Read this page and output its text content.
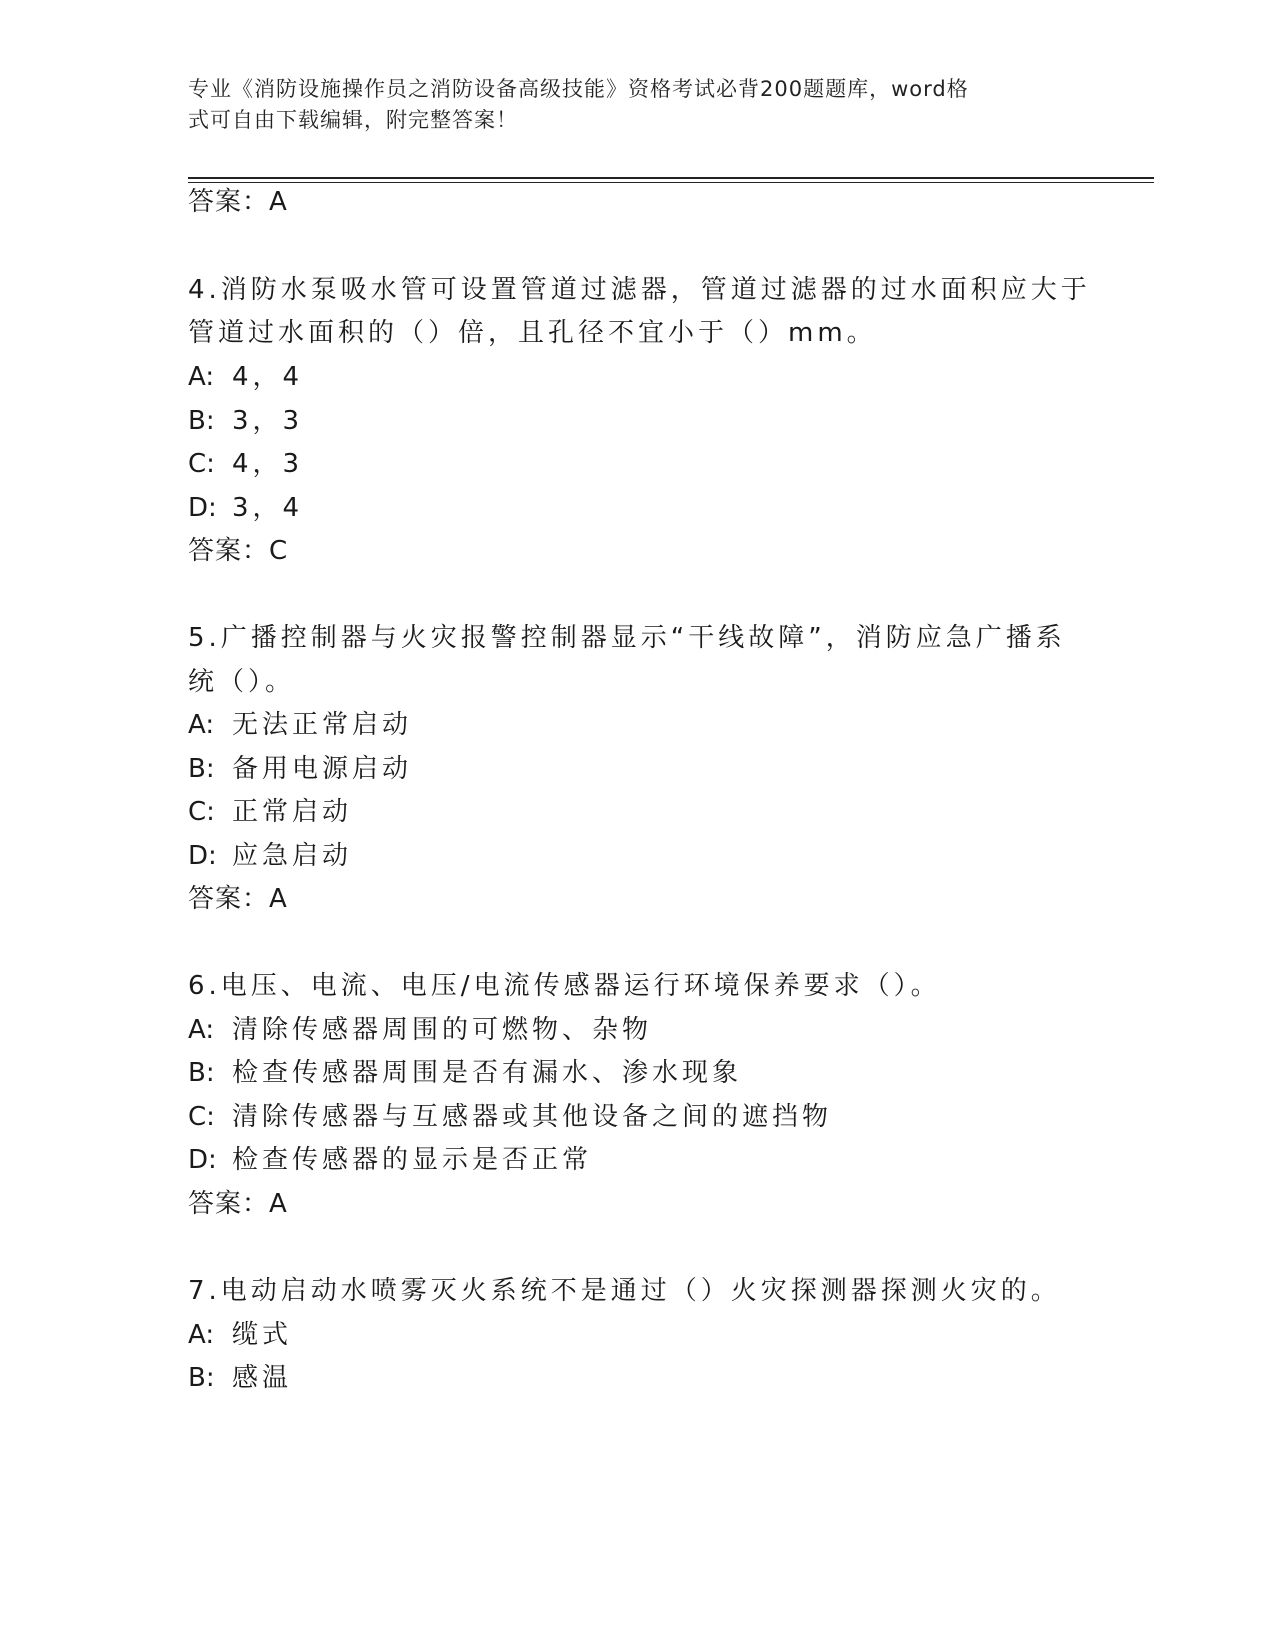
专业《消防设施操作员之消防设备高级技能》资格考试必背200题题库，word格
式可自由下载编辑，附完整答案！
答案：A
4.消防水泵吸水管可设置管道过滤器，管道过滤器的过水面积应大于
管道过水面积的（）倍，且孔径不宜小于（）mm。
A: 4，4
B: 3，3
C: 4，3
D: 3，4
答案：C
5.广播控制器与火灾报警控制器显示“干线故障”，消防应急广播系
统（）。
A: 无法正常启动
B: 备用电源启动
C: 正常启动
D: 应急启动
答案：A
6.电压、电流、电压/电流传感器运行环境保养要求（）。
A: 清除传感器周围的可燃物、杂物
B: 检查传感器周围是否有漏水、渗水现象
C: 清除传感器与互感器或其他设备之间的遮挡物
D: 检查传感器的显示是否正常
答案：A
7.电动启动水喷雾灭火系统不是通过（）火灾探测器探测火灾的。
A: 缆式
B: 感温
